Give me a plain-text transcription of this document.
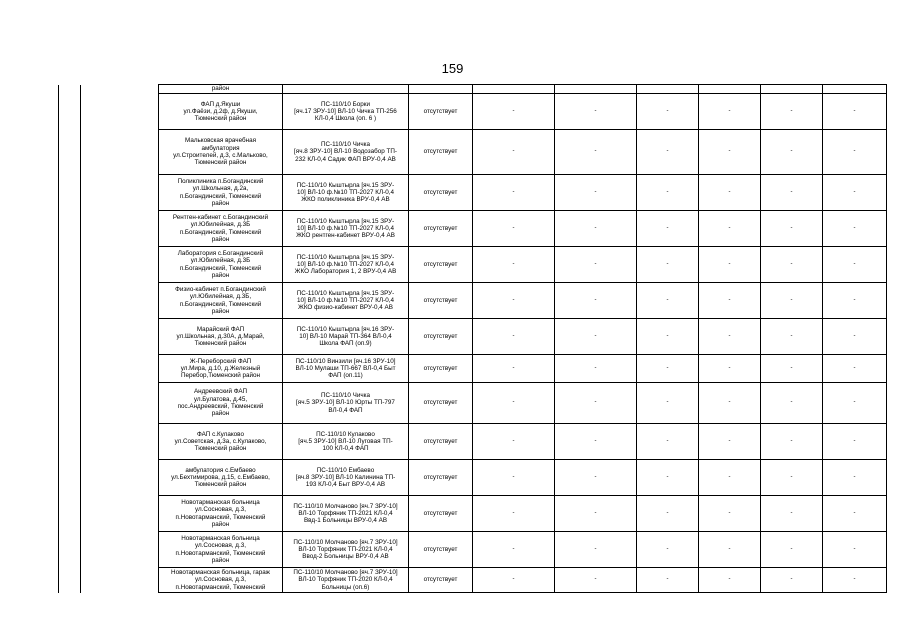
159
		район								
		ФАП д.Якуши
ул.Фаёзи, д.2ф, д.Якуши,
Тюменский район	ПС-110/10 Борки
[яч.17 ЗРУ-10] ВЛ-10 Чичка ТП-256
КЛ-0,4 Школа (оп. 6 )	отсутствует	-	-	-	-	-	-
		Мальковская врачебная
амбулатория
ул.Строителей, д.3, с.Мальково,
Тюменский район	ПС-110/10 Чичка
[яч.8 ЗРУ-10] ВЛ-10 Водозабор ТП-
232 КЛ-0,4 Садик ФАП ВРУ-0,4 АВ	отсутствует	-	-	-	-	-	-
		Поликлиника п.Богандинский
ул.Школьная, д.2а,
п.Богандинский, Тюменский
район	ПС-110/10 Кыштырла [яч.15 ЗРУ-
10] ВЛ-10 ф.№10 ТП-2027 КЛ-0,4
ЖКО поликлиника ВРУ-0,4 АВ	отсутствует	-	-	-	-	-	-
		Рентген-кабинет с.Богандинский
ул.Юбилейная, д.3Б
п.Богандинский, Тюменский
район	ПС-110/10 Кыштырла [яч.15 ЗРУ-
10] ВЛ-10 ф.№10 ТП-2027 КЛ-0,4
ЖКО рентген-кабинет ВРУ-0,4 АВ	отсутствует	-	-	-	-	-	-
		Лаборатория с.Богандинский
ул.Юбилейная, д.3Б
п.Богандинский, Тюменский
район	ПС-110/10 Кыштырла [яч.15 ЗРУ-
10] ВЛ-10 ф.№10 ТП-2027 КЛ-0,4
ЖКО Лаборатория 1, 2 ВРУ-0,4 АВ	отсутствует	-	-	-	-	-	-
		Физио-кабинет п.Богандинский
ул.Юбилейная, д.3Б,
п.Богандинский, Тюменский
район	ПС-110/10 Кыштырла [яч.15 ЗРУ-
10] ВЛ-10 ф.№10 ТП-2027 КЛ-0,4
ЖКО физио-кабинет ВРУ-0,4 АВ	отсутствует	-	-	-	-	-	-
		Марайский ФАП
ул.Школьная, д.30А, д.Марай,
Тюменский район	ПС-110/10 Кыштырла [яч.16 ЗРУ-
10] ВЛ-10 Марай ТП-364 ВЛ-0,4
Школа ФАП (оп.9)	отсутствует	-	-	-	-	-	-
		Ж-Переборский ФАП
ул.Мира, д.10, д.Железный
Перебор,Тюменский район	ПС-110/10 Винзили [яч.16 ЗРУ-10]
ВЛ-10 Мулаши ТП-667 ВЛ-0,4 Быт
ФАП (оп.11)	отсутствует	-	-	-	-	-	-
		Андреевский ФАП
ул.Булатова, д.45,
пос.Андреевский, Тюменский
район	ПС-110/10 Чичка
[яч.5 ЗРУ-10] ВЛ-10 Юрты ТП-797
ВЛ-0,4 ФАП	отсутствует	-	-	-	-	-	-
		ФАП с.Кулаково
ул.Советская, д.3а, с.Кулаково,
Тюменский район	ПС-110/10 Кулаково
[яч.5 ЗРУ-10] ВЛ-10 Луговая ТП-
100 КЛ-0,4 ФАП	отсутствует	-	-	-	-	-	-
		амбулатория с.Ембаево
ул.Бехтимирова, д.15, с.Ембаево,
Тюменский район	ПС-110/10 Ембаево
[яч.8 ЗРУ-10] ВЛ-10 Калинина ТП-
193 КЛ-0,4 Быт ВРУ-0,4 АВ	отсутствует	-	-	-	-	-	-
		Новотарманская больница
ул.Сосновая, д.3,
п.Новотарманский, Тюменский
район	ПС-110/10 Молчаново [яч.7 ЗРУ-10]
ВЛ-10 Торфяник ТП-2021 КЛ-0,4
Ввд-1 Больницы ВРУ-0,4 АВ	отсутствует	-	-	-	-	-	-
		Новотарманская больница
ул.Сосновая, д.3,
п.Новотарманский, Тюменский
район	ПС-110/10 Молчаново [яч.7 ЗРУ-10]
ВЛ-10 Торфяник ТП-2021 КЛ-0,4
Ввод-2 Больницы ВРУ-0,4 АВ	отсутствует	-	-	-	-	-	-
		Новотарманская больница, гараж
ул.Сосновая, д.3,
п.Новотарманский, Тюменский	ПС-110/10 Молчаново [яч.7 ЗРУ-10]
ВЛ-10 Торфяник ТП-2020 КЛ-0,4
Больницы (оп.6)	отсутствует	-	-	-	-	-	-
